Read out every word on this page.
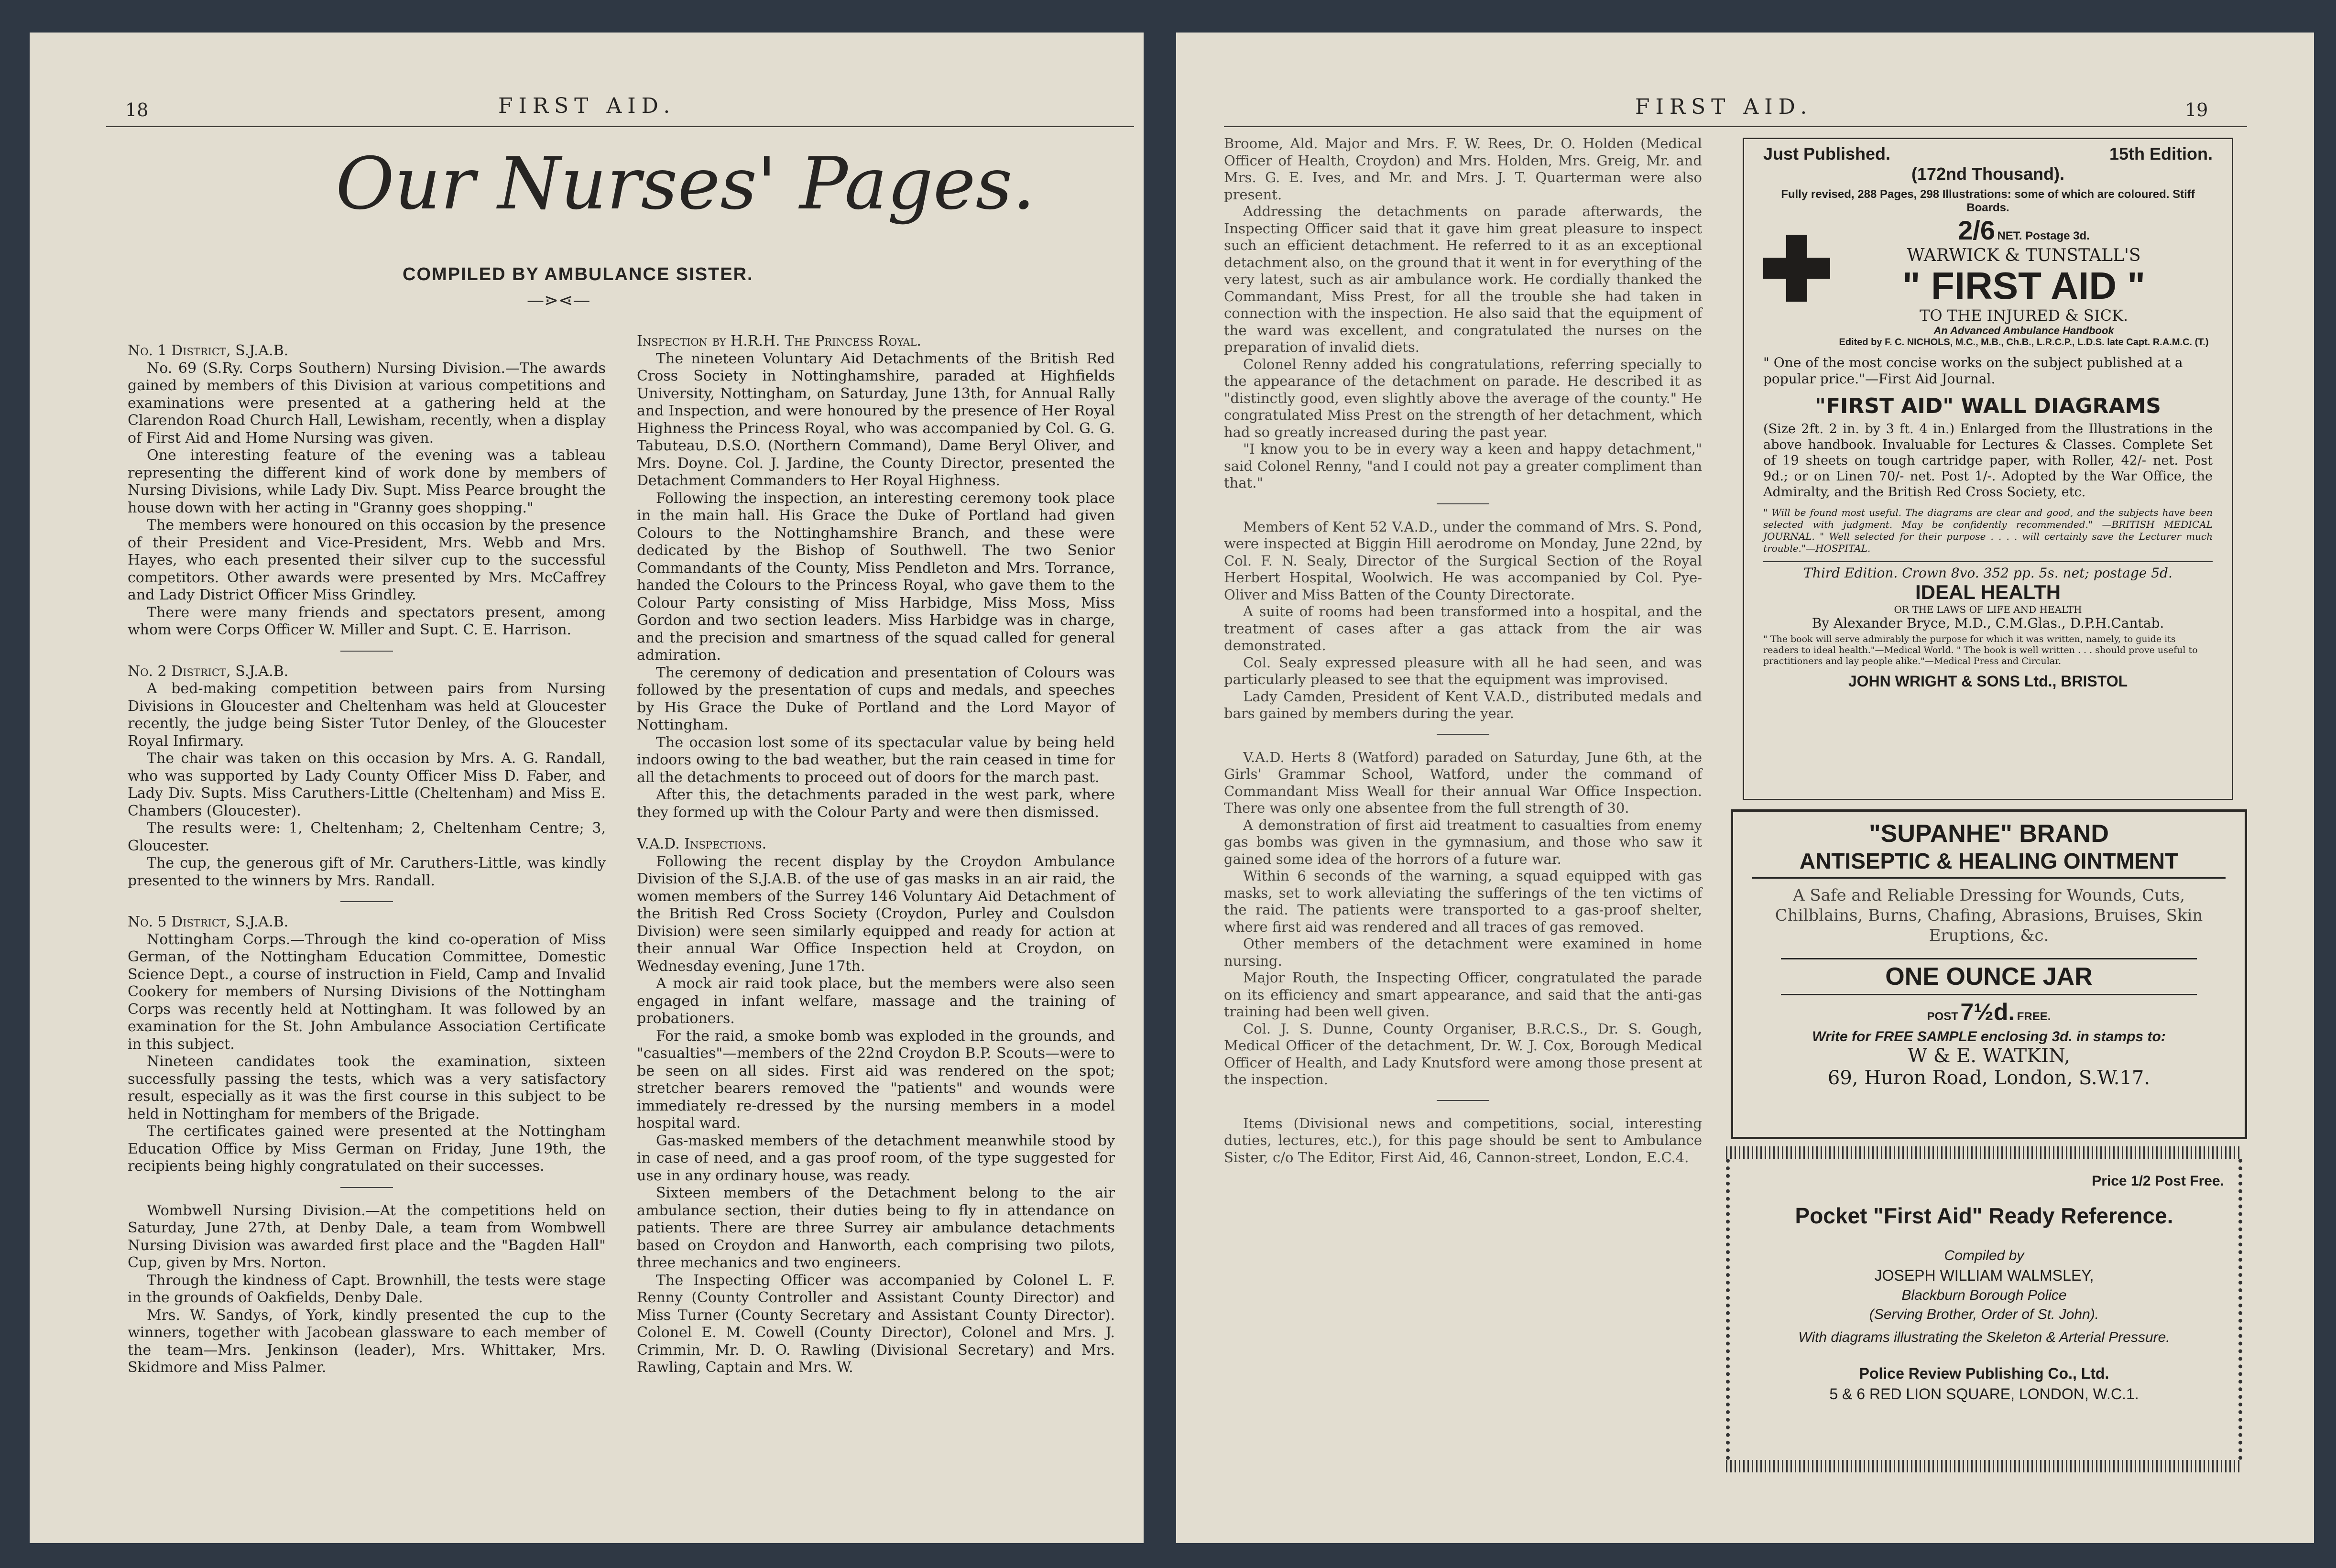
18	FIRST AID.
Our Nurses' Pages.
COMPILED BY AMBULANCE SISTER.
—⋗⋖—

No. 1 District, S.J.A.B.

No. 69 (S.Ry. Corps Southern) Nursing Division.—The awards gained by members of this Division at various competitions and examinations were presented at a gathering held at the Clarendon Road Church Hall, Lewisham, recently, when a display of First Aid and Home Nursing was given.

One interesting feature of the evening was a tableau representing the different kind of work done by members of Nursing Divisions, while Lady Div. Supt. Miss Pearce brought the house down with her acting in "Granny goes shopping."

The members were honoured on this occasion by the presence of their President and Vice-President, Mrs. Webb and Mrs. Hayes, who each presented their silver cup to the successful competitors. Other awards were presented by Mrs. McCaffrey and Lady District Officer Miss Grindley.

There were many friends and spectators present, among whom were Corps Officer W. Miller and Supt. C. E. Harrison.

No. 2 District, S.J.A.B.

A bed-making competition between pairs from Nursing Divisions in Gloucester and Cheltenham was held at Gloucester recently, the judge being Sister Tutor Denley, of the Gloucester Royal Infirmary.

The chair was taken on this occasion by Mrs. A. G. Randall, who was supported by Lady County Officer Miss D. Faber, and Lady Div. Supts. Miss Caruthers-Little (Cheltenham) and Miss E. Chambers (Gloucester).

The results were: 1, Cheltenham; 2, Cheltenham Centre; 3, Gloucester.

The cup, the generous gift of Mr. Caruthers-Little, was kindly presented to the winners by Mrs. Randall.

No. 5 District, S.J.A.B.

Nottingham Corps.—Through the kind co-operation of Miss German, of the Nottingham Education Committee, Domestic Science Dept., a course of instruction in Field, Camp and Invalid Cookery for members of Nursing Divisions of the Nottingham Corps was recently held at Nottingham. It was followed by an examination for the St. John Ambulance Association Certificate in this subject.

Nineteen candidates took the examination, sixteen successfully passing the tests, which was a very satisfactory result, especially as it was the first course in this subject to be held in Nottingham for members of the Brigade.

The certificates gained were presented at the Nottingham Education Office by Miss German on Friday, June 19th, the recipients being highly congratulated on their successes.

Wombwell Nursing Division.—At the competitions held on Saturday, June 27th, at Denby Dale, a team from Wombwell Nursing Division was awarded first place and the "Bagden Hall" Cup, given by Mrs. Norton.

Through the kindness of Capt. Brownhill, the tests were stage in the grounds of Oakfields, Denby Dale.

Mrs. W. Sandys, of York, kindly presented the cup to the winners, together with Jacobean glassware to each member of the team—Mrs. Jenkinson (leader), Mrs. Whittaker, Mrs. Skidmore and Miss Palmer.

Inspection by H.R.H. The Princess Royal.

The nineteen Voluntary Aid Detachments of the British Red Cross Society in Nottinghamshire, paraded at Highfields University, Nottingham, on Saturday, June 13th, for Annual Rally and Inspection, and were honoured by the presence of Her Royal Highness the Princess Royal, who was accompanied by Col. G. G. Tabuteau, D.S.O. (Northern Command), Dame Beryl Oliver, and Mrs. Doyne. Col. J. Jardine, the County Director, presented the Detachment Commanders to Her Royal Highness.

Following the inspection, an interesting ceremony took place in the main hall. His Grace the Duke of Portland had given Colours to the Nottinghamshire Branch, and these were dedicated by the Bishop of Southwell. The two Senior Commandants of the County, Miss Pendleton and Mrs. Torrance, handed the Colours to the Princess Royal, who gave them to the Colour Party consisting of Miss Harbidge, Miss Moss, Miss Gordon and two section leaders. Miss Harbidge was in charge, and the precision and smartness of the squad called for general admiration.

The ceremony of dedication and presentation of Colours was followed by the presentation of cups and medals, and speeches by His Grace the Duke of Portland and the Lord Mayor of Nottingham.

The occasion lost some of its spectacular value by being held indoors owing to the bad weather, but the rain ceased in time for all the detachments to proceed out of doors for the march past.

After this, the detachments paraded in the west park, where they formed up with the Colour Party and were then dismissed.

V.A.D. Inspections.

Following the recent display by the Croydon Ambulance Division of the S.J.A.B. of the use of gas masks in an air raid, the women members of the Surrey 146 Voluntary Aid Detachment of the British Red Cross Society (Croydon, Purley and Coulsdon Division) were seen similarly equipped and ready for action at their annual War Office Inspection held at Croydon, on Wednesday evening, June 17th.

A mock air raid took place, but the members were also seen engaged in infant welfare, massage and the training of probationers.

For the raid, a smoke bomb was exploded in the grounds, and "casualties"—members of the 22nd Croydon B.P. Scouts—were to be seen on all sides. First aid was rendered on the spot; stretcher bearers removed the "patients" and wounds were immediately re-dressed by the nursing members in a model hospital ward.

Gas-masked members of the detachment meanwhile stood by in case of need, and a gas proof room, of the type suggested for use in any ordinary house, was ready.

Sixteen members of the Detachment belong to the air ambulance section, their duties being to fly in attendance on patients. There are three Surrey air ambulance detachments based on Croydon and Hanworth, each comprising two pilots, three mechanics and two engineers.

The Inspecting Officer was accompanied by Colonel L. F. Renny (County Controller and Assistant County Director) and Miss Turner (County Secretary and Assistant County Director). Colonel E. M. Cowell (County Director), Colonel and Mrs. J. Crimmin, Mr. D. O. Rawling (Divisional Secretary) and Mrs. Rawling, Captain and Mrs. W.

FIRST AID.	19

Broome, Ald. Major and Mrs. F. W. Rees, Dr. O. Holden (Medical Officer of Health, Croydon) and Mrs. Holden, Mrs. Greig, Mr. and Mrs. G. E. Ives, and Mr. and Mrs. J. T. Quarterman were also present.

Addressing the detachments on parade afterwards, the Inspecting Officer said that it gave him great pleasure to inspect such an efficient detachment. He referred to it as an exceptional detachment also, on the ground that it went in for everything of the very latest, such as air ambulance work. He cordially thanked the Commandant, Miss Prest, for all the trouble she had taken in connection with the inspection. He also said that the equipment of the ward was excellent, and congratulated the nurses on the preparation of invalid diets.

Colonel Renny added his congratulations, referring specially to the appearance of the detachment on parade. He described it as "distinctly good, even slightly above the average of the county." He congratulated Miss Prest on the strength of her detachment, which had so greatly increased during the past year.

"I know you to be in every way a keen and happy detachment," said Colonel Renny, "and I could not pay a greater compliment than that."

Members of Kent 52 V.A.D., under the command of Mrs. S. Pond, were inspected at Biggin Hill aerodrome on Monday, June 22nd, by Col. F. N. Sealy, Director of the Surgical Section of the Royal Herbert Hospital, Woolwich. He was accompanied by Col. Pye-Oliver and Miss Batten of the County Directorate.

A suite of rooms had been transformed into a hospital, and the treatment of cases after a gas attack from the air was demonstrated.

Col. Sealy expressed pleasure with all he had seen, and was particularly pleased to see that the equipment was improvised.

Lady Camden, President of Kent V.A.D., distributed medals and bars gained by members during the year.

V.A.D. Herts 8 (Watford) paraded on Saturday, June 6th, at the Girls' Grammar School, Watford, under the command of Commandant Miss Weall for their annual War Office Inspection. There was only one absentee from the full strength of 30.

A demonstration of first aid treatment to casualties from enemy gas bombs was given in the gymnasium, and those who saw it gained some idea of the horrors of a future war.

Within 6 seconds of the warning, a squad equipped with gas masks, set to work alleviating the sufferings of the ten victims of the raid. The patients were transported to a gas-proof shelter, where first aid was rendered and all traces of gas removed.

Other members of the detachment were examined in home nursing.

Major Routh, the Inspecting Officer, congratulated the parade on its efficiency and smart appearance, and said that the anti-gas training had been well given.

Col. J. S. Dunne, County Organiser, B.R.C.S., Dr. S. Gough, Medical Officer of the detachment, Dr. W. J. Cox, Borough Medical Officer of Health, and Lady Knutsford were among those present at the inspection.

Items (Divisional news and competitions, social, interesting duties, lectures, etc.), for this page should be sent to Ambulance Sister, c/o The Editor, First Aid, 46, Cannon-street, London, E.C.4.

Just Published.	15th Edition.
(172nd Thousand).
Fully revised, 288 Pages, 298 Illustrations: some of which are coloured. Stiff Boards.
2/6 NET. Postage 3d.
WARWICK & TUNSTALL'S
" FIRST AID "
TO THE INJURED & SICK.
An Advanced Ambulance Handbook
Edited by F. C. NICHOLS, M.C., M.B., Ch.B., L.R.C.P., L.D.S. late Capt. R.A.M.C. (T.)
" One of the most concise works on the subject published at a popular price."—First Aid Journal.
"FIRST AID" WALL DIAGRAMS
(Size 2ft. 2 in. by 3 ft. 4 in.) Enlarged from the Illustrations in the above handbook. Invaluable for Lectures & Classes. Complete Set of 19 sheets on tough cartridge paper, with Roller, 42/- net. Post 9d.; or on Linen 70/- net. Post 1/-. Adopted by the War Office, the Admiralty, and the British Red Cross Society, etc.
" Will be found most useful. The diagrams are clear and good, and the subjects have been selected with judgment. May be confidently recommended." —BRITISH MEDICAL JOURNAL. " Well selected for their purpose . . . . will certainly save the Lecturer much trouble."—HOSPITAL.
Third Edition. Crown 8vo. 352 pp. 5s. net; postage 5d.
IDEAL HEALTH
OR THE LAWS OF LIFE AND HEALTH
By Alexander Bryce, M.D., C.M.Glas., D.P.H.Cantab.
" The book will serve admirably the purpose for which it was written, namely, to guide its readers to ideal health."—Medical World. " The book is well written . . . should prove useful to practitioners and lay people alike."—Medical Press and Circular.
JOHN WRIGHT & SONS Ltd., BRISTOL
"SUPANHE" BRAND
ANTISEPTIC & HEALING OINTMENT
A Safe and Reliable Dressing for Wounds, Cuts, Chilblains, Burns, Chafing, Abrasions, Bruises, Skin Eruptions, &c.
ONE OUNCE JAR
POST 7½d. FREE.
Write for FREE SAMPLE enclosing 3d. in stamps to:
W & E. WATKIN,
69, Huron Road, London, S.W.17.
Price 1/2 Post Free.
Pocket "First Aid" Ready Reference.
Compiled by
JOSEPH WILLIAM WALMSLEY,
Blackburn Borough Police
(Serving Brother, Order of St. John).
With diagrams illustrating the Skeleton & Arterial Pressure.
Police Review Publishing Co., Ltd.
5 & 6 RED LION SQUARE, LONDON, W.C.1.
